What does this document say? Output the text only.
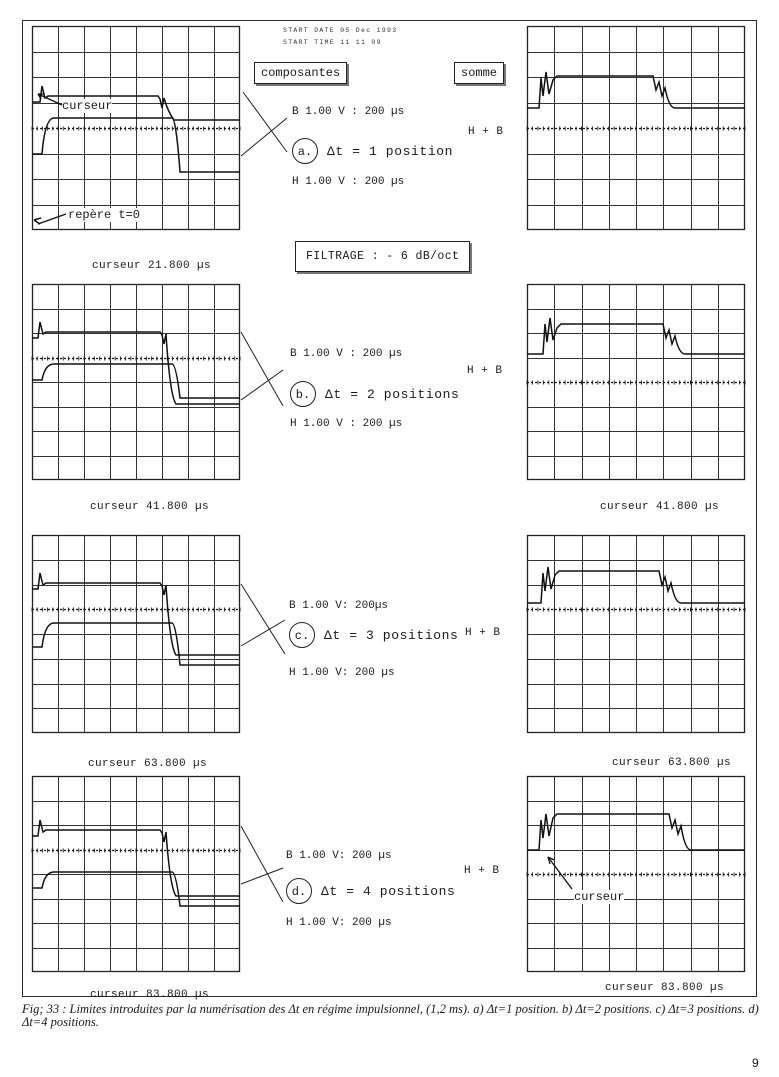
START DATE 05 Dec 1993
START TIME 11 11 09
composantes	somme
FILTRAGE : - 6 dB/oct
curseur
repère t=0
curseur
B 1.00 V : 200 µs
a.	Δt = 1 position
H 1.00 V : 200 µs
H + B
B 1.00 V : 200 µs
b.	Δt = 2 positions
H 1.00 V : 200 µs
H + B
B 1.00 V: 200µs
c.	Δt = 3 positions
H 1.00 V: 200 µs
H + B
B 1.00 V: 200 µs
d.	Δt = 4 positions
H 1.00 V: 200 µs
H + B
curseur 21.800 µs
curseur 41.800 µs
curseur 63.800 µs
curseur 83.800 µs
curseur 41.800 µs
curseur 63.800 µs
curseur 83.800 µs
Fig; 33 : Limites introduites par la numérisation des Δt en régime impulsionnel, (1,2 ms). a) Δt=1 position. b) Δt=2 positions. c) Δt=3 positions. d) Δt=4 positions.
9
